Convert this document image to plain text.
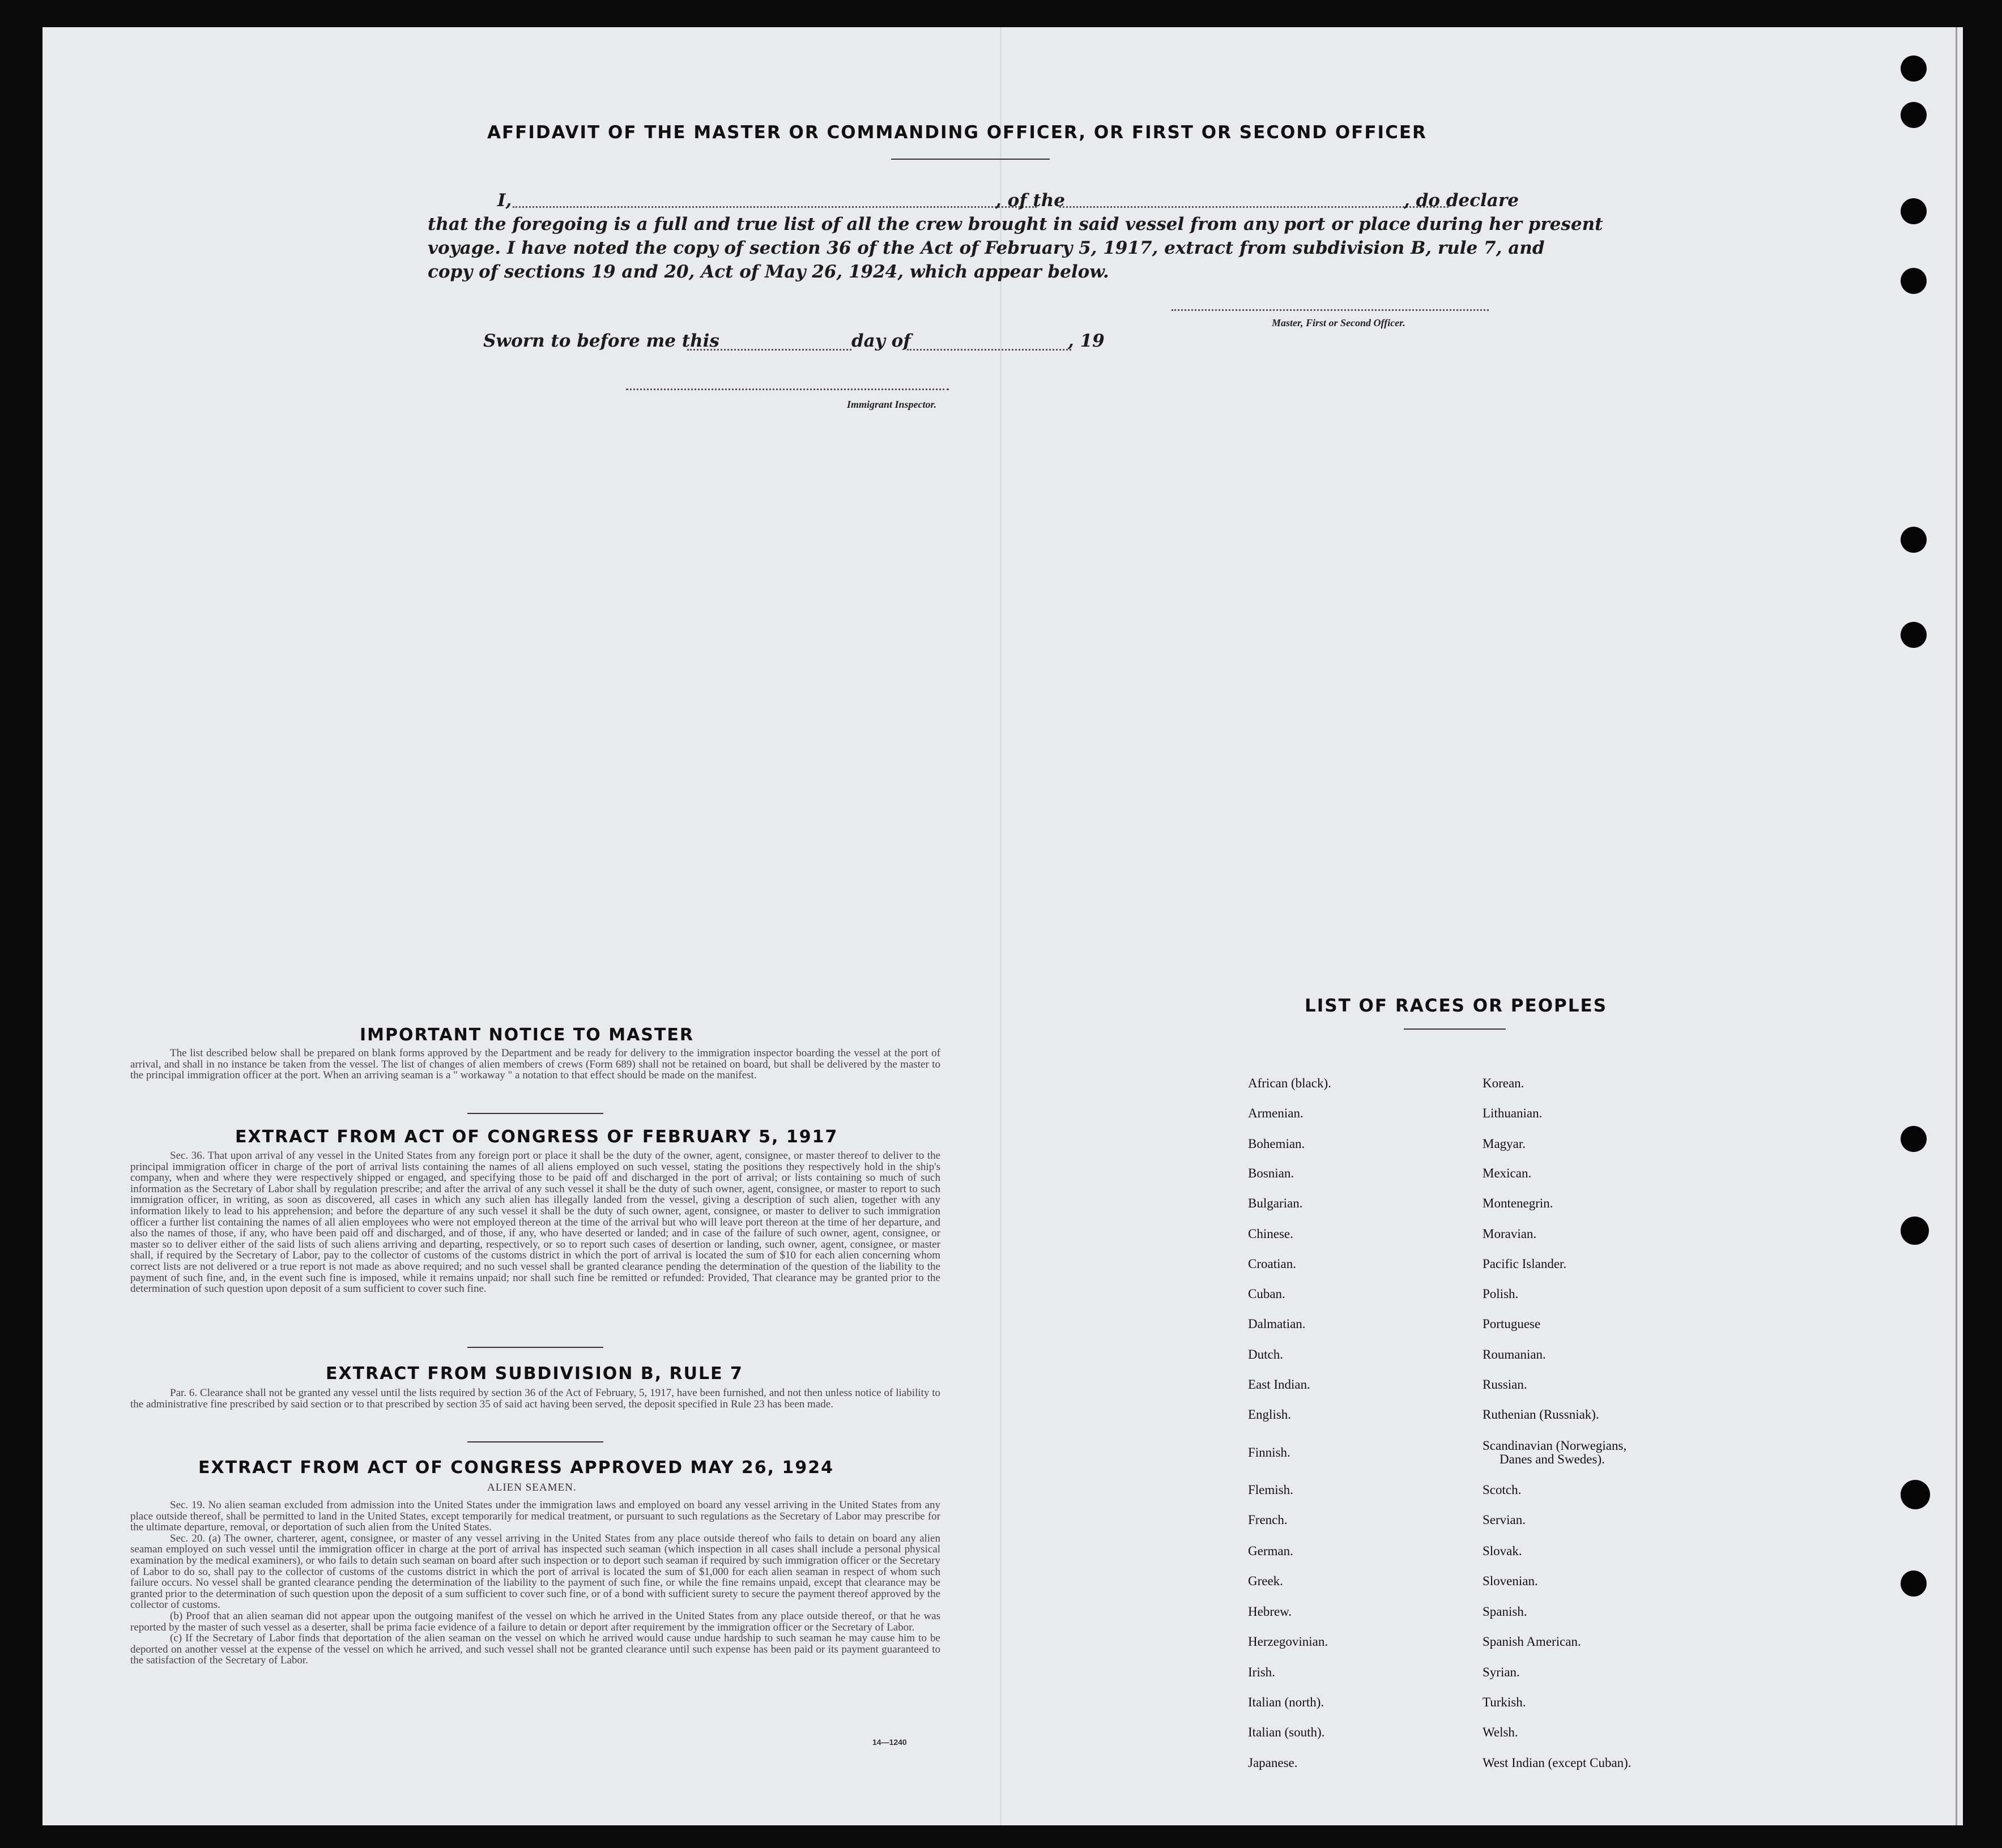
AFFIDAVIT OF THE MASTER OR COMMANDING OFFICER, OR FIRST OR SECOND OFFICER
I,	, of the	, do declare
that the foregoing is a full and true list of all the crew brought in said vessel from any port or place during her present
voyage. I have noted the copy of section 36 of the Act of February 5, 1917, extract from subdivision B, rule 7, and
copy of sections 19 and 20, Act of May 26, 1924, which appear below.
Master, First or Second Officer.
Sworn to before me this	day of	, 19
Immigrant Inspector.
IMPORTANT NOTICE TO MASTER

The list described below shall be prepared on blank forms approved by the Department and be ready for delivery to the immigration inspector boarding the vessel at the port of arrival, and shall in no instance be taken from the vessel. The list of changes of alien members of crews (Form 689) shall not be retained on board, but shall be delivered by the master to the principal immigration officer at the port. When an arriving seaman is a " workaway " a notation to that effect should be made on the manifest.

EXTRACT FROM ACT OF CONGRESS OF FEBRUARY 5, 1917

Sec. 36. That upon arrival of any vessel in the United States from any foreign port or place it shall be the duty of the owner, agent, consignee, or master thereof to deliver to the principal immigration officer in charge of the port of arrival lists containing the names of all aliens employed on such vessel, stating the positions they respectively hold in the ship's company, when and where they were respectively shipped or engaged, and specifying those to be paid off and discharged in the port of arrival; or lists containing so much of such information as the Secretary of Labor shall by regulation prescribe; and after the arrival of any such vessel it shall be the duty of such owner, agent, consignee, or master to report to such immigration officer, in writing, as soon as discovered, all cases in which any such alien has illegally landed from the vessel, giving a description of such alien, together with any information likely to lead to his apprehension; and before the departure of any such vessel it shall be the duty of such owner, agent, consignee, or master to deliver to such immigration officer a further list containing the names of all alien employees who were not employed thereon at the time of the arrival but who will leave port thereon at the time of her departure, and also the names of those, if any, who have been paid off and discharged, and of those, if any, who have deserted or landed; and in case of the failure of such owner, agent, consignee, or master so to deliver either of the said lists of such aliens arriving and departing, respectively, or so to report such cases of desertion or landing, such owner, agent, consignee, or master shall, if required by the Secretary of Labor, pay to the collector of customs of the customs district in which the port of arrival is located the sum of $10 for each alien concerning whom correct lists are not delivered or a true report is not made as above required; and no such vessel shall be granted clearance pending the determination of the question of the liability to the payment of such fine, and, in the event such fine is imposed, while it remains unpaid; nor shall such fine be remitted or refunded: Provided, That clearance may be granted prior to the determination of such question upon deposit of a sum sufficient to cover such fine.

EXTRACT FROM SUBDIVISION B, RULE 7

Par. 6. Clearance shall not be granted any vessel until the lists required by section 36 of the Act of February, 5, 1917, have been furnished, and not then unless notice of liability to the administrative fine prescribed by said section or to that prescribed by section 35 of said act having been served, the deposit specified in Rule 23 has been made.

EXTRACT FROM ACT OF CONGRESS APPROVED MAY 26, 1924
ALIEN SEAMEN.

Sec. 19. No alien seaman excluded from admission into the United States under the immigration laws and employed on board any vessel arriving in the United States from any place outside thereof, shall be permitted to land in the United States, except temporarily for medical treatment, or pursuant to such regulations as the Secretary of Labor may prescribe for the ultimate departure, removal, or deportation of such alien from the United States.

Sec. 20. (a) The owner, charterer, agent, consignee, or master of any vessel arriving in the United States from any place outside thereof who fails to detain on board any alien seaman employed on such vessel until the immigration officer in charge at the port of arrival has inspected such seaman (which inspection in all cases shall include a personal physical examination by the medical examiners), or who fails to detain such seaman on board after such inspection or to deport such seaman if required by such immigration officer or the Secretary of Labor to do so, shall pay to the collector of customs of the customs district in which the port of arrival is located the sum of $1,000 for each alien seaman in respect of whom such failure occurs. No vessel shall be granted clearance pending the determination of the liability to the payment of such fine, or while the fine remains unpaid, except that clearance may be granted prior to the determination of such question upon the deposit of a sum sufficient to cover such fine, or of a bond with sufficient surety to secure the payment thereof approved by the collector of customs.

(b) Proof that an alien seaman did not appear upon the outgoing manifest of the vessel on which he arrived in the United States from any place outside thereof, or that he was reported by the master of such vessel as a deserter, shall be prima facie evidence of a failure to detain or deport after requirement by the immigration officer or the Secretary of Labor.

(c) If the Secretary of Labor finds that deportation of the alien seaman on the vessel on which he arrived would cause undue hardship to such seaman he may cause him to be deported on another vessel at the expense of the vessel on which he arrived, and such vessel shall not be granted clearance until such expense has been paid or its payment guaranteed to the satisfaction of the Secretary of Labor.

14—1240
LIST OF RACES OR PEOPLES
African (black).
Armenian.
Bohemian.
Bosnian.
Bulgarian.
Chinese.
Croatian.
Cuban.
Dalmatian.
Dutch.
East Indian.
English.
Finnish.
Flemish.
French.
German.
Greek.
Hebrew.
Herzegovinian.
Irish.
Italian (north).
Italian (south).
Japanese.
Korean.
Lithuanian.
Magyar.
Mexican.
Montenegrin.
Moravian.
Pacific Islander.
Polish.
Portuguese
Roumanian.
Russian.
Ruthenian (Russniak).
Scandinavian (Norwegians,
Scotch.
Servian.
Slovak.
Slovenian.
Spanish.
Spanish American.
Syrian.
Turkish.
Welsh.
West Indian (except Cuban).
Danes and Swedes).
